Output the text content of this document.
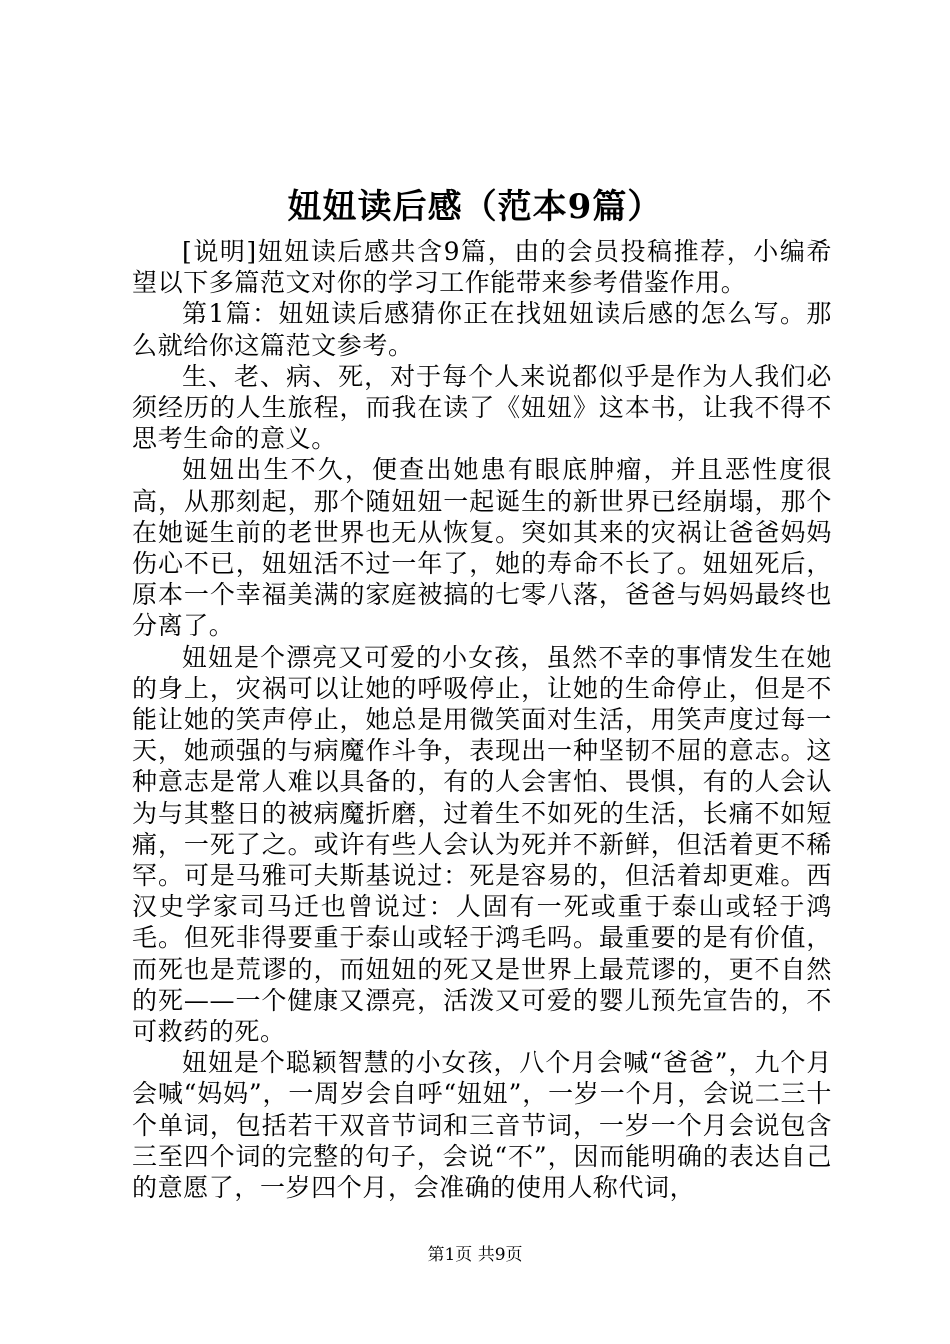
妞妞读后感（范本9篇）

[说明]妞妞读后感共含9篇，由的会员投稿推荐，小编希望以下多篇范文对你的学习工作能带来参考借鉴作用。

第1篇：妞妞读后感猜你正在找妞妞读后感的怎么写。那么就给你这篇范文参考。

生、老、病、死，对于每个人来说都似乎是作为人我们必须经历的人生旅程，而我在读了《妞妞》这本书，让我不得不思考生命的意义。

妞妞出生不久，便查出她患有眼底肿瘤，并且恶性度很高，从那刻起，那个随妞妞一起诞生的新世界已经崩塌，那个在她诞生前的老世界也无从恢复。突如其来的灾祸让爸爸妈妈伤心不已，妞妞活不过一年了，她的寿命不长了。妞妞死后，原本一个幸福美满的家庭被搞的七零八落，爸爸与妈妈最终也分离了。

妞妞是个漂亮又可爱的小女孩，虽然不幸的事情发生在她的身上，灾祸可以让她的呼吸停止，让她的生命停止，但是不能让她的笑声停止，她总是用微笑面对生活，用笑声度过每一天，她顽强的与病魔作斗争，表现出一种坚韧不屈的意志。这种意志是常人难以具备的，有的人会害怕、畏惧，有的人会认为与其整日的被病魔折磨，过着生不如死的生活，长痛不如短痛，一死了之。或许有些人会认为死并不新鲜，但活着更不稀罕。可是马雅可夫斯基说过：死是容易的，但活着却更难。西汉史学家司马迁也曾说过：人固有一死或重于泰山或轻于鸿毛。但死非得要重于泰山或轻于鸿毛吗。最重要的是有价值，而死也是荒谬的，而妞妞的死又是世界上最荒谬的，更不自然的死——一个健康又漂亮，活泼又可爱的婴儿预先宣告的，不可救药的死。

妞妞是个聪颖智慧的小女孩，八个月会喊“爸爸”，九个月会喊“妈妈”，一周岁会自呼“妞妞”，一岁一个月，会说二三十个单词，包括若干双音节词和三音节词，一岁一个月会说包含三至四个词的完整的句子，会说“不”，因而能明确的表达自己的意愿了，一岁四个月，会准确的使用人称代词，

第1页 共9页
